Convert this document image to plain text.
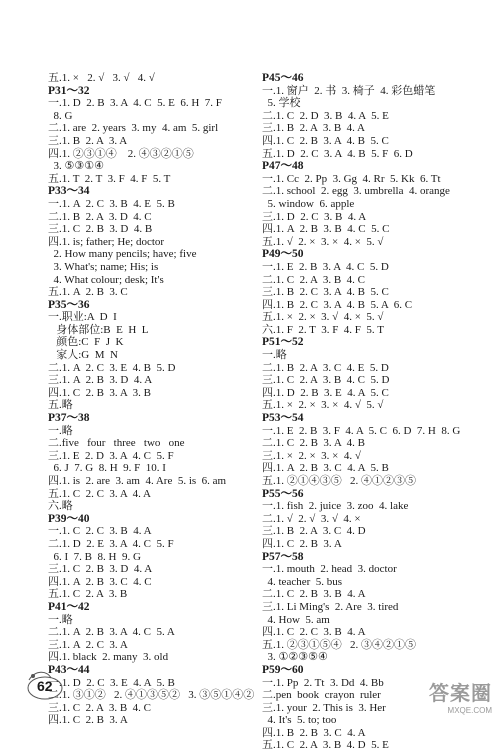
五.1. ×   2. √   3. √   4. √
P31～32
一.1. D  2. B  3. A  4. C  5. E  6. H  7. F
8. G
二.1. are  2. years  3. my  4. am  5. girl
三.1. B  2. A  3. A
四.1. ②③①④    2. ④③②①⑤
3. ⑤③①④
五.1. T  2. T  3. F  4. F  5. T
P33～34
一.1. A  2. C  3. B  4. E  5. B
二.1. B  2. A  3. D  4. C
三.1. C  2. B  3. D  4. B
四.1. is; father; He; doctor
2. How many pencils; have; five
3. What's; name; His; is
4. What colour; desk; It's
五.1. A  2. B  3. C
P35～36
一.职业:A  D  I
身体部位:B  E  H  L
颜色:C  F  J  K
家人:G  M  N
二.1. A  2. C  3. E  4. B  5. D
三.1. A  2. B  3. D  4. A
四.1. C  2. B  3. A  3. B
五.略
P37～38
一.略
二.five   four   three   two   one
三.1. E  2. D  3. A  4. C  5. F
6. J  7. G  8. H  9. F  10. I
四.1. is  2. are  3. am  4. Are  5. is  6. am
五.1. C  2. C  3. A  4. A
六.略
P39～40
一.1. C  2. C  3. B  4. A
二.1. D  2. E  3. A  4. C  5. F
6. I  7. B  8. H  9. G
三.1. C  2. B  3. D  4. A
四.1. A  2. B  3. C  4. C
五.1. C  2. A  3. B
P41～42
一.略
二.1. A  2. B  3. A  4. C  5. A
三.1. A  2. C  3. A
四.1. black  2. many  3. old
P43～44
一.1. D  2. C  3. E  4. A  5. B
二.1. ③①②   2. ④①③⑤②   3. ③⑤①④②
三.1. C  2. A  3. B  4. C
四.1. C  2. B  3. A
P45～46
一.1. 窗户  2. 书  3. 椅子  4. 彩色蜡笔
5. 学校
二.1. C  2. D  3. B  4. A  5. E
三.1. B  2. A  3. B  4. A
四.1. C  2. B  3. A  4. B  5. C
五.1. D  2. C  3. A  4. B  5. F  6. D
P47～48
一.1. Cc  2. Pp  3. Gg  4. Rr  5. Kk  6. Tt
二.1. school  2. egg  3. umbrella  4. orange
5. window  6. apple
三.1. D  2. C  3. B  4. A
四.1. A  2. B  3. B  4. C  5. C
五.1. √  2. ×  3. ×  4. ×  5. √
P49～50
一.1. E  2. B  3. A  4. C  5. D
二.1. C  2. A  3. B  4. C
三.1. B  2. C  3. A  4. B  5. C
四.1. B  2. C  3. A  4. B  5. A  6. C
五.1. ×  2. ×  3. √  4. ×  5. √
六.1. F  2. T  3. F  4. F  5. T
P51～52
一.略
二.1. B  2. A  3. C  4. E  5. D
三.1. C  2. A  3. B  4. C  5. D
四.1. D  2. B  3. E  4. A  5. C
五.1. ×  2. ×  3. ×  4. √  5. √
P53～54
一.1. E  2. B  3. F  4. A  5. C  6. D  7. H  8. G
二.1. C  2. B  3. A  4. B
三.1. ×  2. ×  3. ×  4. √
四.1. A  2. B  3. C  4. A  5. B
五.1. ②①④③⑤   2. ④①②③⑤
P55～56
一.1. fish  2. juice  3. zoo  4. lake
二.1. √  2. √  3. √  4. ×
三.1. B  2. A  3. C  4. D
四.1. C  2. B  3. A
P57～58
一.1. mouth  2. head  3. doctor
4. teacher  5. bus
二.1. C  2. B  3. B  4. A
三.1. Li Ming's  2. Are  3. tired
4. How  5. am
四.1. C  2. C  3. B  4. A
五.1. ②③①⑤④   2. ③④②①⑤
3. ①②③⑤④
P59～60
一.1. Pp  2. Tt  3. Dd  4. Bb
二.pen  book  crayon  ruler
三.1. your  2. This is  3. Her
4. It's  5. to; too
四.1. B  2. B  3. C  4. A
五.1. C  2. A  3. B  4. D  5. E
62	答案圈
MXQE.COM
